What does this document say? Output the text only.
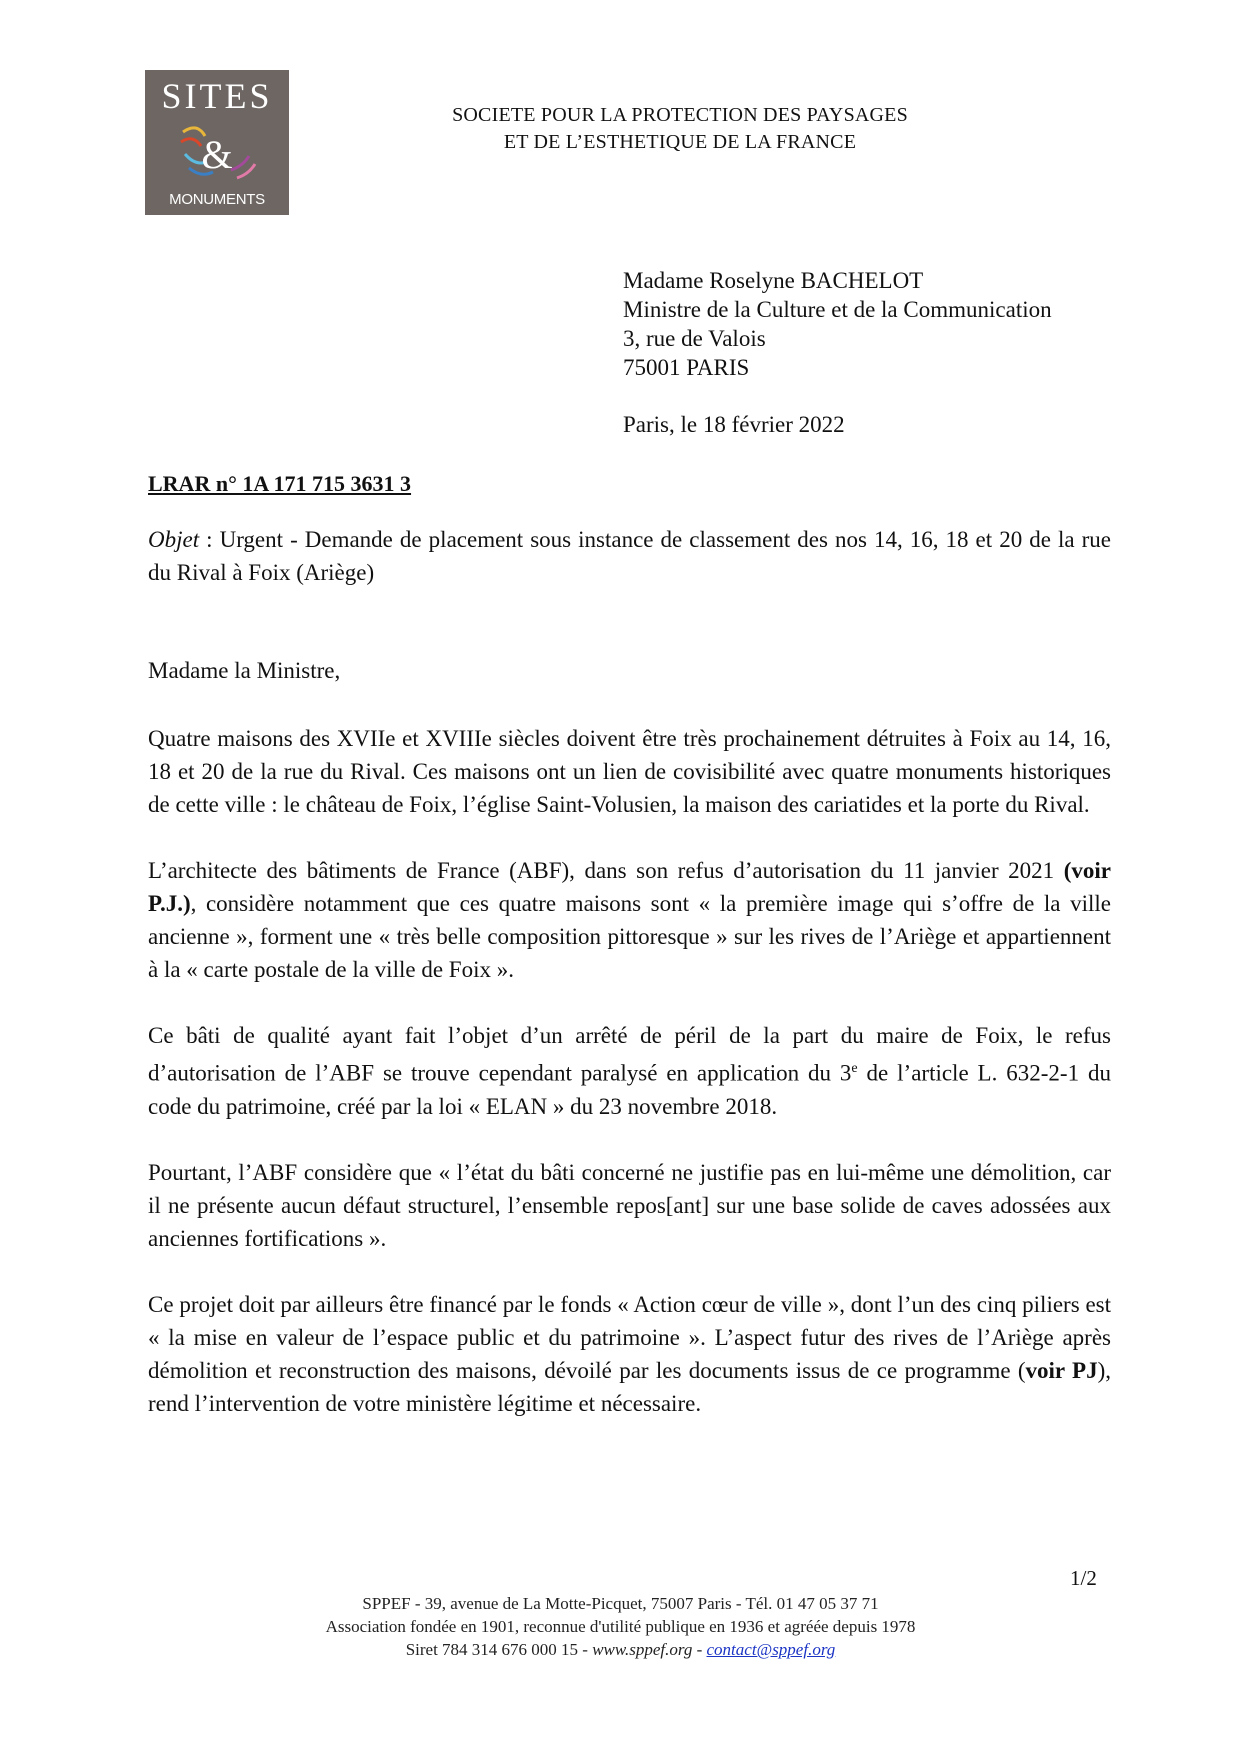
SITES
&
MONUMENTS
SOCIETE POUR LA PROTECTION DES PAYSAGES
ET DE L’ESTHETIQUE DE LA FRANCE
Madame Roselyne BACHELOT
Ministre de la Culture et de la Communication
3, rue de Valois
75001 PARIS
Paris, le 18 février 2022
LRAR n° 1A 171 715 3631 3
Objet : Urgent - Demande de placement sous instance de classement des nos 14, 16, 18 et 20 de la rue du Rival à Foix (Ariège)
Madame la Ministre,

Quatre maisons des XVIIe et XVIIIe siècles doivent être très prochainement détruites à Foix au 14, 16, 18 et 20 de la rue du Rival. Ces maisons ont un lien de covisibilité avec quatre monuments historiques de cette ville : le château de Foix, l’église Saint-Volusien, la maison des cariatides et la porte du Rival.

L’architecte des bâtiments de France (ABF), dans son refus d’autorisation du 11 janvier 2021 (voir P.J.), considère notamment que ces quatre maisons sont « la première image qui s’offre de la ville ancienne », forment une « très belle composition pittoresque » sur les rives de l’Ariège et appartiennent à la « carte postale de la ville de Foix ».

Ce bâti de qualité ayant fait l’objet d’un arrêté de péril de la part du maire de Foix, le refus d’autorisation de l’ABF se trouve cependant paralysé en application du 3e de l’article L. 632-2-1 du code du patrimoine, créé par la loi « ELAN » du 23 novembre 2018.

Pourtant, l’ABF considère que « l’état du bâti concerné ne justifie pas en lui-même une démolition, car il ne présente aucun défaut structurel, l’ensemble repos[ant] sur une base solide de caves adossées aux anciennes fortifications ».

Ce projet doit par ailleurs être financé par le fonds « Action cœur de ville », dont l’un des cinq piliers est « la mise en valeur de l’espace public et du patrimoine ». L’aspect futur des rives de l’Ariège après démolition et reconstruction des maisons, dévoilé par les documents issus de ce programme (voir PJ), rend l’intervention de votre ministère légitime et nécessaire.

1/2
SPPEF - 39, avenue de La Motte-Picquet, 75007 Paris - Tél. 01 47 05 37 71
Association fondée en 1901, reconnue d'utilité publique en 1936 et agréée depuis 1978
Siret 784 314 676 000 15 - www.sppef.org - contact@sppef.org
